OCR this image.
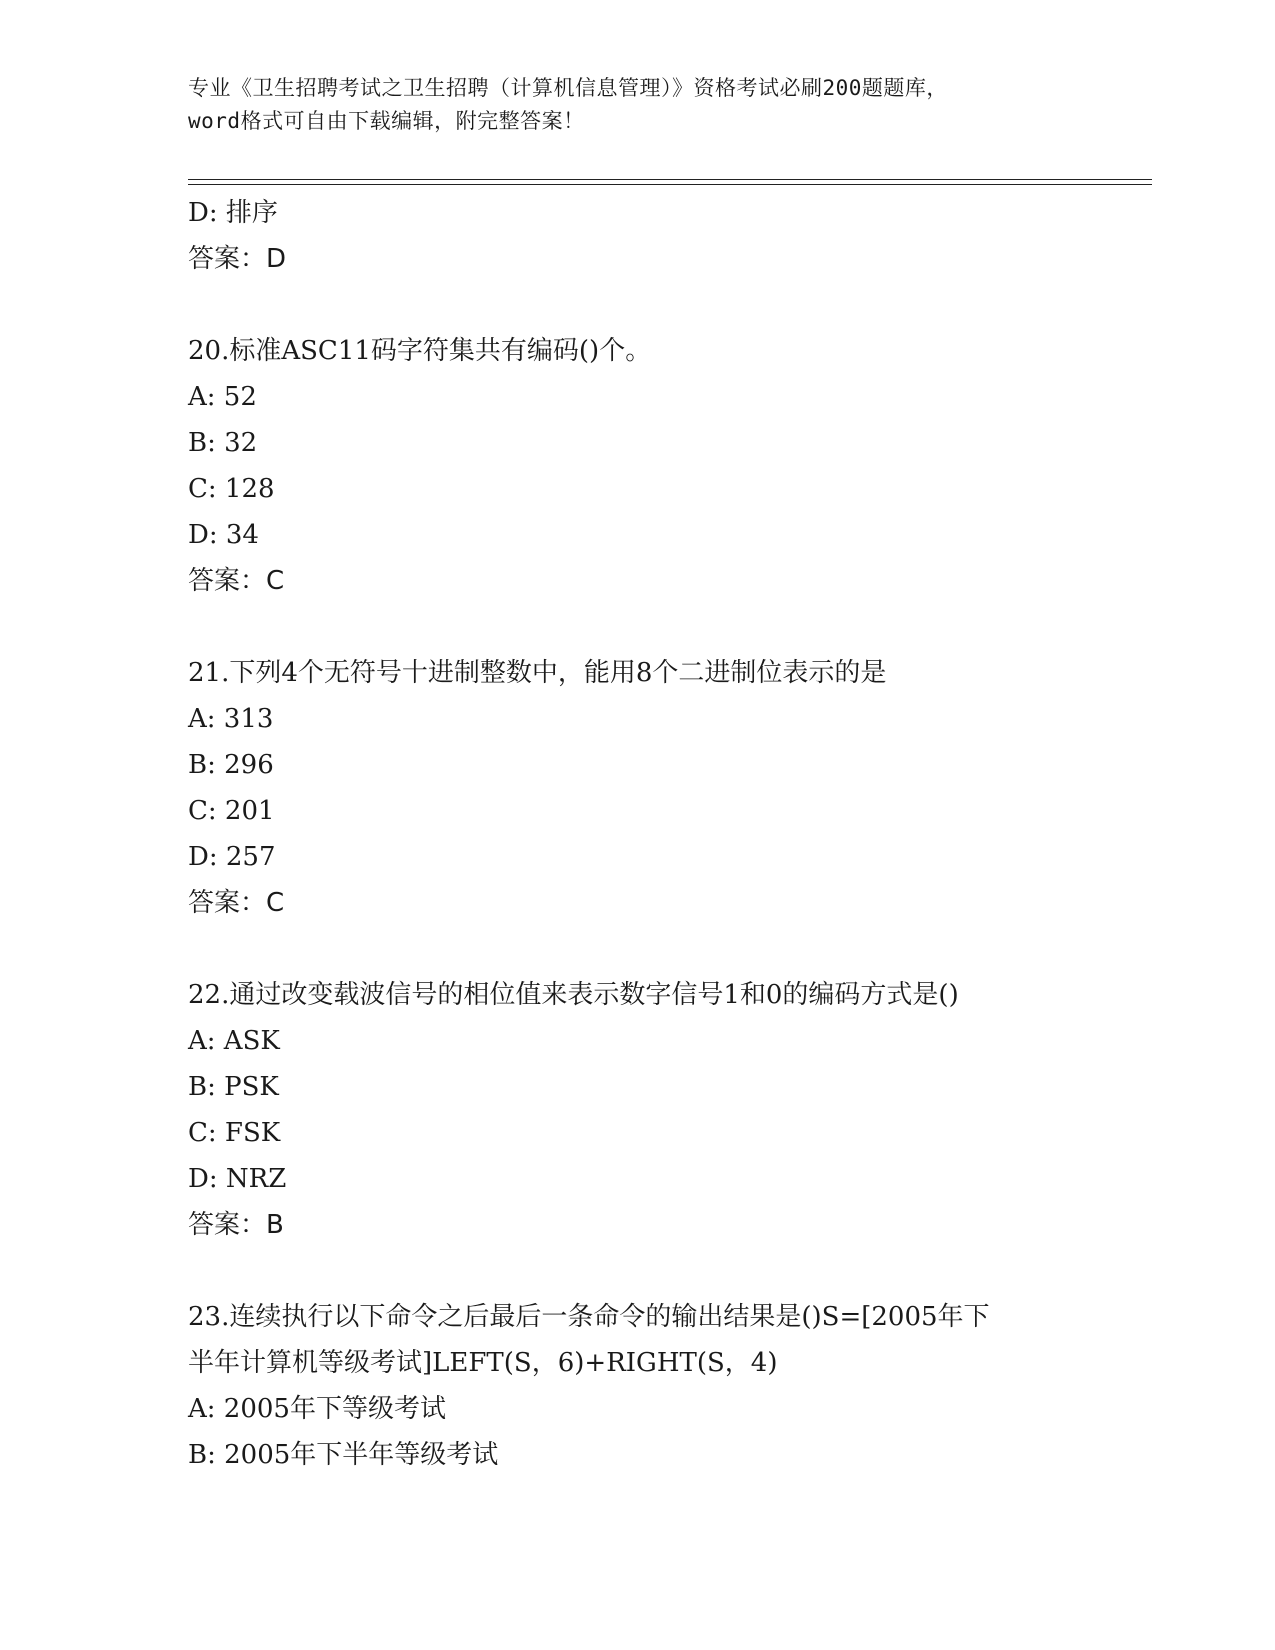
专业《卫生招聘考试之卫生招聘（计算机信息管理）》资格考试必刷200题题库，
word格式可自由下载编辑，附完整答案！
D: 排序
答案：D
20.标准ASC11码字符集共有编码()个。
A: 52
B: 32
C: 128
D: 34
答案：C
21.下列4个无符号十进制整数中，能用8个二进制位表示的是
A: 313
B: 296
C: 201
D: 257
答案：C
22.通过改变载波信号的相位值来表示数字信号1和0的编码方式是()
A: ASK
B: PSK
C: FSK
D: NRZ
答案：B
23.连续执行以下命令之后最后一条命令的输出结果是()S=[2005年下
半年计算机等级考试]LEFT(S，6)+RIGHT(S，4)
A: 2005年下等级考试
B: 2005年下半年等级考试
